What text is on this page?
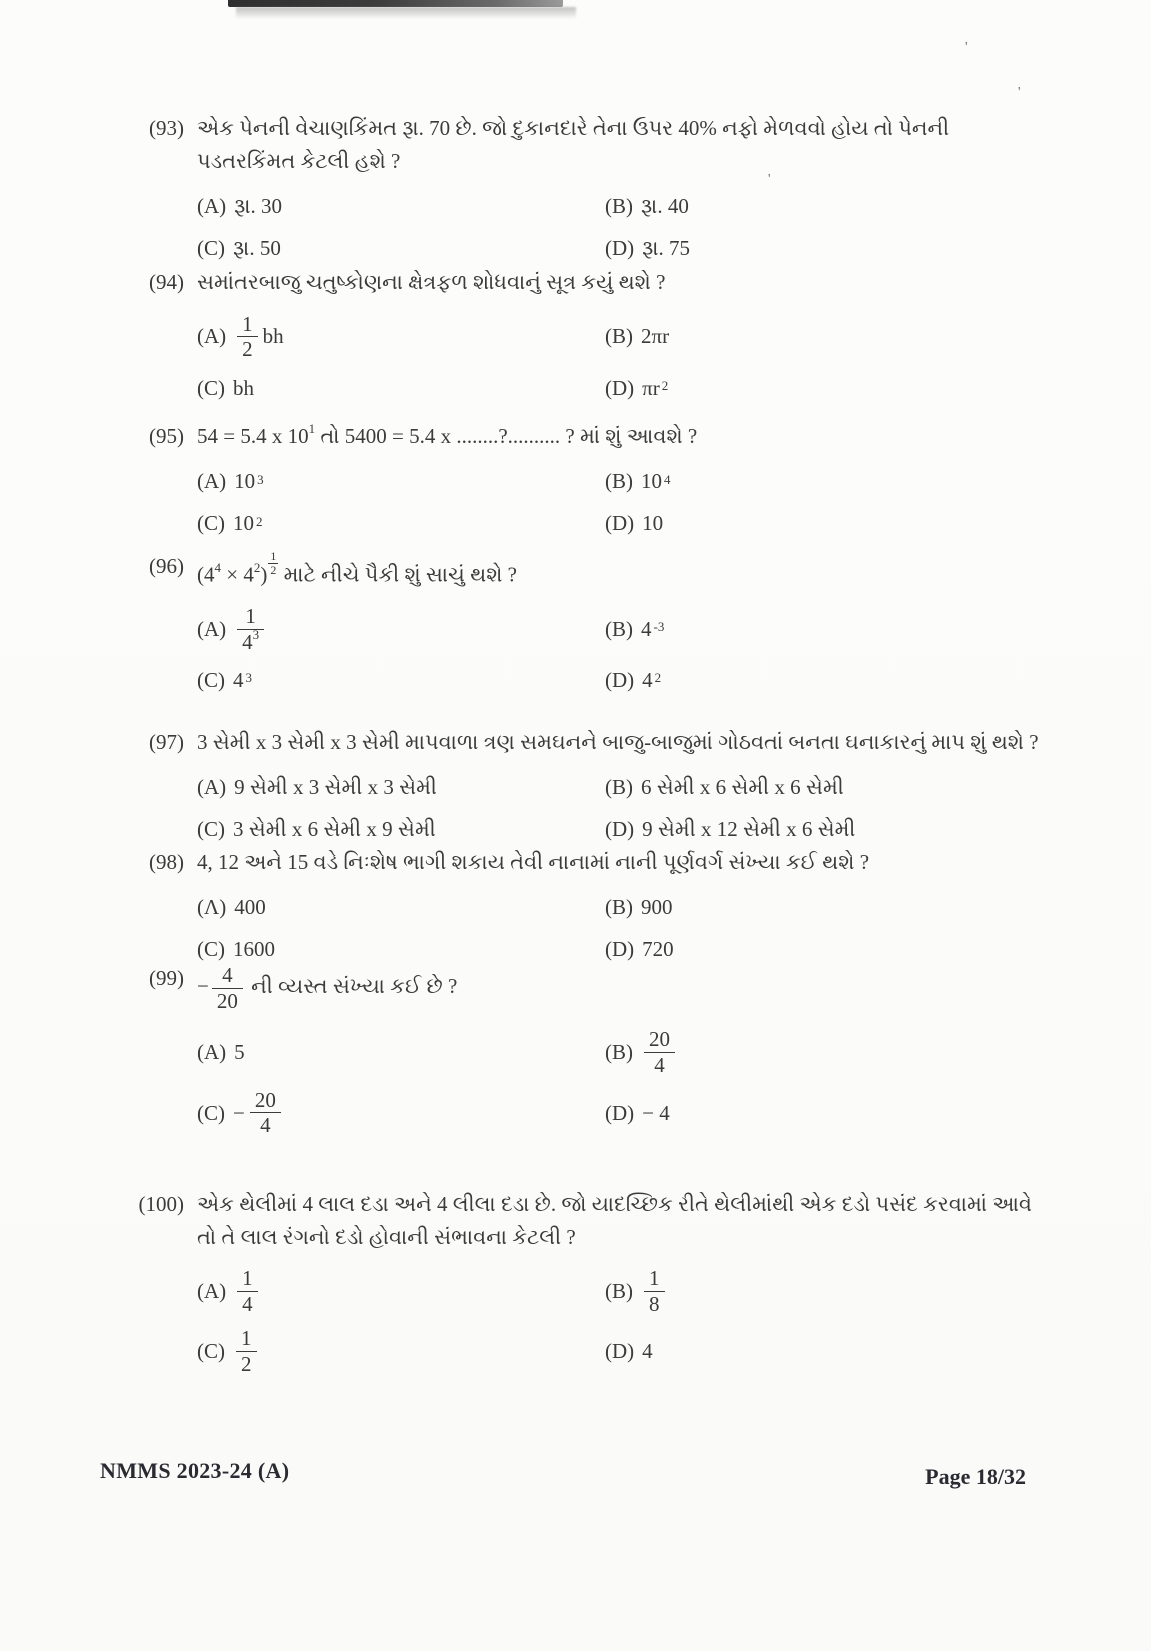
'
'
'
(93) એક પેનની વેચાણકિંમત રૂા. 70 છે. જો દુકાનદારે તેના ઉપર 40% નફો મેળવવો હોય તો પેનની પડતરકિંમત કેટલી હશે ?
(A) રૂા. 30	(B) રૂા. 40
(C) રૂા. 50	(D) રૂા. 75
(94) સમાંતરબાજુ ચતુષ્કોણના ક્ષેત્રફળ શોધવાનું સૂત્ર કયું થશે ?
$(A) \frac{1}{2}$ bh	(B) 2πr
(C) bh	(D) $\pi r^2$
(95) 54 = 5.4 x $10^1$ તો 5400 = 5.4 x ........?.......... ? માં શું આવશે ?
(A) $10^3$	(B) $10^4$
(C) $10^2$	(D) 10
(96) $(4^4 \times 4^2) \frac{1}{2}$ માટે નીચે પૈકી શું સાચું થશે ?
$(A) \frac{1}{4^3}$	(B) $4^{-3}$
(C) $4^3$	(D) $4^2$
(97) 3 સેમી x 3 સેમી x 3 સેમી માપવાળા ત્રણ સમઘનને બાજુ-બાજુમાં ગોઠવતાં બનતા ઘનાકારનું માપ શું થશે ?
(A) 9 સેમી x 3 સેમી x 3 સેમી	(B) 6 સેમી x 6 સેમી x 6 સેમી
(C) 3 સેમી x 6 સેમી x 9 સેમી	(D) 9 સેમી x 12 સેમી x 6 સેમી
(98) 4, 12 અને 15 વડે નિઃશેષ ભાગી શકાય તેવી નાનામાં નાની પૂર્ણવર્ગ સંખ્યા કઈ થશે ?
(Λ) 400	(B) 900
(C) 1600	(D) 720
$(99) - \frac{4}{20}$ ની વ્યસ્ત સંખ્યા કઈ છે ?
(A) 5	$(B) \frac{20}{4}$
$(C) - \frac{20}{4}$	(D) − 4
(100) એક થેલીમાં 4 લાલ દડા અને 4 લીલા દડા છે. જો યાદચ્છિક રીતે થેલીમાંથી એક દડો પસંદ કરવામાં આવે તો તે લાલ રંગનો દડો હોવાની સંભાવના કેટલી ?
$(A) \frac{1}{4}$	$(B) \frac{1}{8}$
$(C) \frac{1}{2}$	(D) 4
NMMS 2023-24 (A)	Page 18/32
